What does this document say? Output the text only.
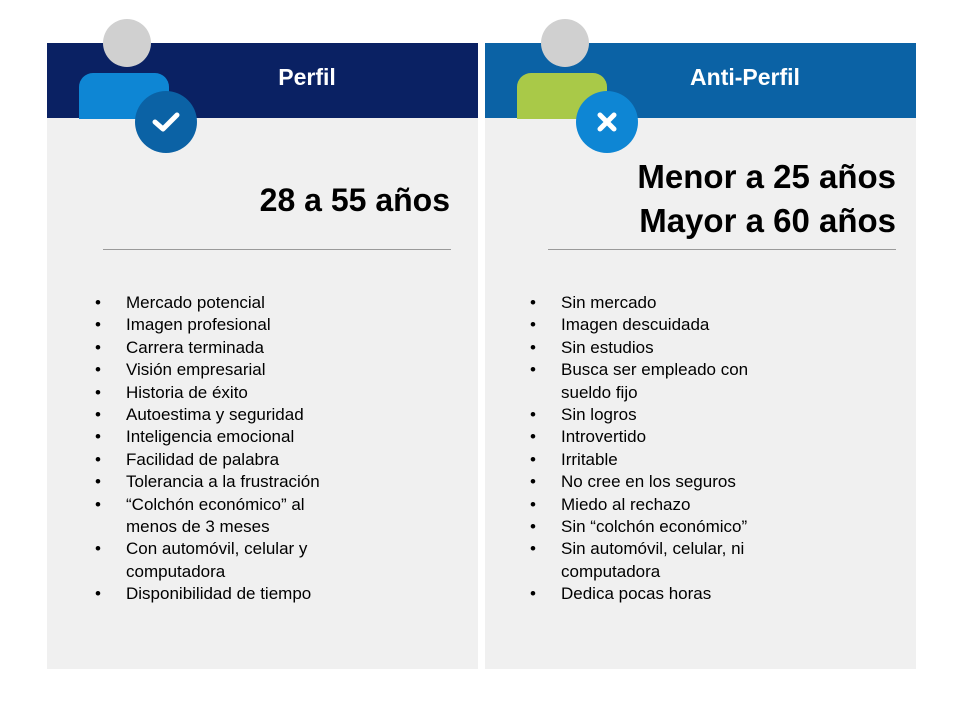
Perfil
28 a 55 años
• Mercado potencial
• Imagen profesional
• Carrera terminada
• Visión empresarial
• Historia de éxito
• Autoestima y seguridad
• Inteligencia emocional
• Facilidad de palabra
• Tolerancia a la frustración
• “Colchón económico” al menos de 3 meses
• Con automóvil, celular y computadora
• Disponibilidad de tiempo
Anti-Perfil
Menor a 25 años
Mayor a 60 años
• Sin mercado
• Imagen descuidada
• Sin estudios
• Busca ser empleado con sueldo fijo
• Sin logros
• Introvertido
• Irritable
• No cree en los seguros
• Miedo al rechazo
• Sin “colchón económico”
• Sin automóvil, celular, ni computadora
• Dedica pocas horas
